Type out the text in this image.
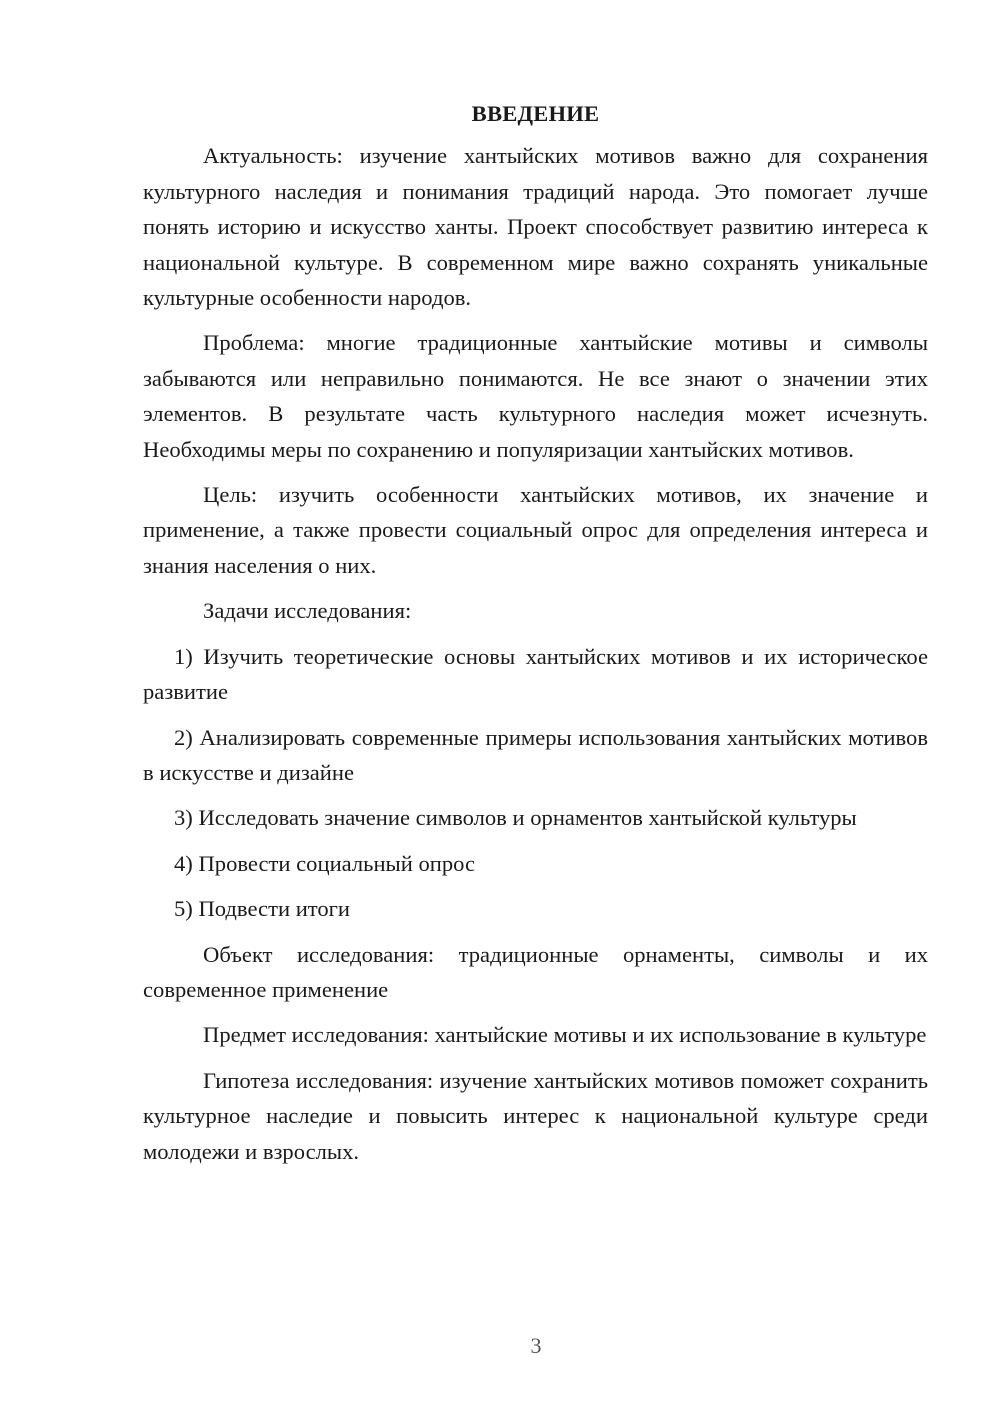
ВВЕДЕНИЕ

Актуальность: изучение хантыйских мотивов важно для сохранения культурного наследия и понимания традиций народа. Это помогает лучше понять историю и искусство ханты. Проект способствует развитию интереса к национальной культуре. В современном мире важно сохранять уникальные культурные особенности народов.

Проблема: многие традиционные хантыйские мотивы и символы забываются или неправильно понимаются. Не все знают о значении этих элементов. В результате часть культурного наследия может исчезнуть. Необходимы меры по сохранению и популяризации хантыйских мотивов.

Цель: изучить особенности хантыйских мотивов, их значение и применение, а также провести социальный опрос для определения интереса и знания населения о них.

Задачи исследования:

1) Изучить теоретические основы хантыйских мотивов и их историческое развитие

2) Анализировать современные примеры использования хантыйских мотивов в искусстве и дизайне

3) Исследовать значение символов и орнаментов хантыйской культуры

4) Провести социальный опрос

5) Подвести итоги

Объект исследования: традиционные орнаменты, символы и их современное применение

Предмет исследования: хантыйские мотивы и их использование в культуре

Гипотеза исследования: изучение хантыйских мотивов поможет сохранить культурное наследие и повысить интерес к национальной культуре среди молодежи и взрослых.

3
